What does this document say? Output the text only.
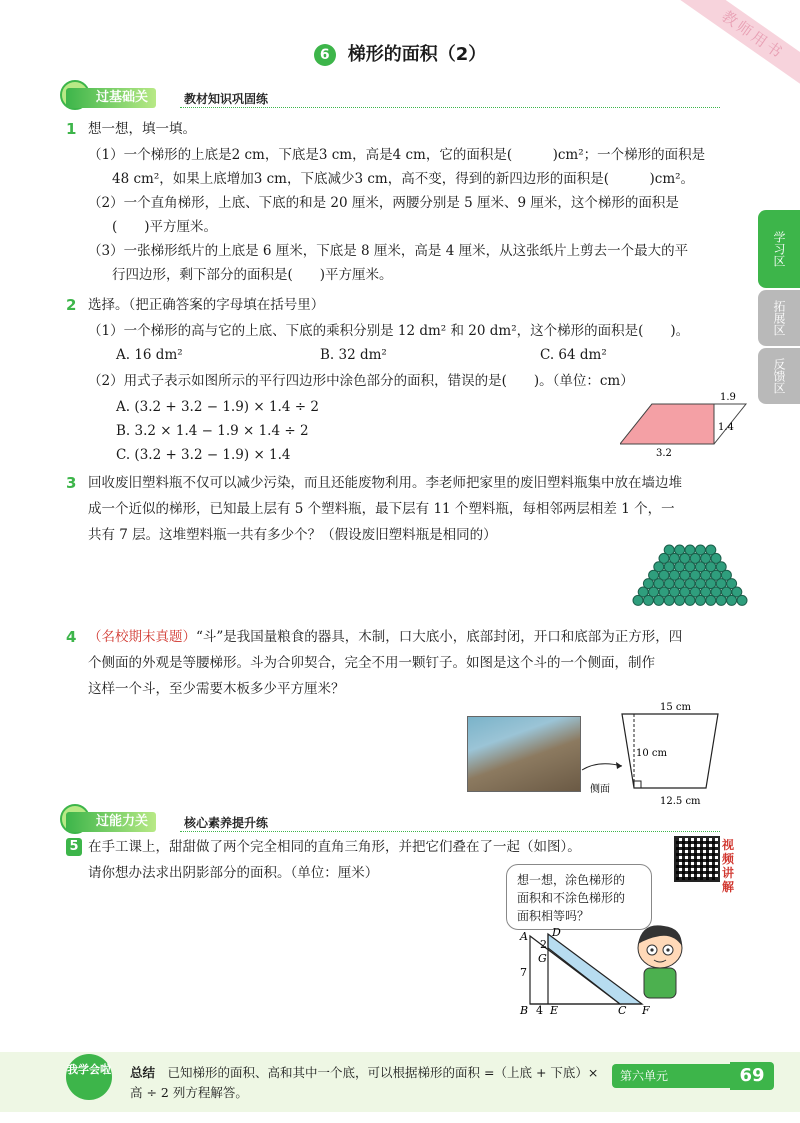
教师用书
6 梯形的面积（2）
学习区
拓展区
反馈区
过基础关	教材知识巩固练
1 想一想，填一填。
（1）一个梯形的上底是2 cm，下底是3 cm，高是4 cm，它的面积是(　　　)cm²；一个梯形的面积是
48 cm²，如果上底增加3 cm，下底减少3 cm，高不变，得到的新四边形的面积是(　　　)cm²。
（2）一个直角梯形，上底、下底的和是 20 厘米，两腰分别是 5 厘米、9 厘米，这个梯形的面积是
(　　)平方厘米。
（3）一张梯形纸片的上底是 6 厘米，下底是 8 厘米，高是 4 厘米，从这张纸片上剪去一个最大的平
行四边形，剩下部分的面积是(　　)平方厘米。
2 选择。（把正确答案的字母填在括号里）
（1）一个梯形的高与它的上底、下底的乘积分别是 12 dm² 和 20 dm²，这个梯形的面积是(　　)。
A. 16 dm²	B. 32 dm²	C. 64 dm²
（2）用式子表示如图所示的平行四边形中涂色部分的面积，错误的是(　　)。（单位：cm）
A. (3.2 + 3.2 − 1.9) × 1.4 ÷ 2
B. 3.2 × 1.4 − 1.9 × 1.4 ÷ 2
C. (3.2 + 3.2 − 1.9) × 1.4
1.9
1.4
3.2
3 回收废旧塑料瓶不仅可以减少污染，而且还能废物利用。李老师把家里的废旧塑料瓶集中放在墙边堆
成一个近似的梯形，已知最上层有 5 个塑料瓶，最下层有 11 个塑料瓶，每相邻两层相差 1 个，一
共有 7 层。这堆塑料瓶一共有多少个？（假设废旧塑料瓶是相同的）
4 （名校期末真题）“斗”是我国量粮食的器具，木制，口大底小，底部封闭，开口和底部为正方形，四
个侧面的外观是等腰梯形。斗为合卯契合，完全不用一颗钉子。如图是这个斗的一个侧面，制作
这样一个斗，至少需要木板多少平方厘米？
15 cm
10 cm
12.5 cm
侧面
过能力关	核心素养提升练
5 在手工课上，甜甜做了两个完全相同的直角三角形，并把它们叠在了一起（如图）。
请你想办法求出阴影部分的面积。（单位：厘米）
视频讲解
想一想，涂色梯形的
面积和不涂色梯形的
面积相等吗？
A
B	C
D
E	F
G
7
2
4
我学会啦 总结　 已知梯形的面积、高和其中一个底，可以根据梯形的面积 =（上底 + 下底）×
高 ÷ 2 列方程解答。
第六单元	69
